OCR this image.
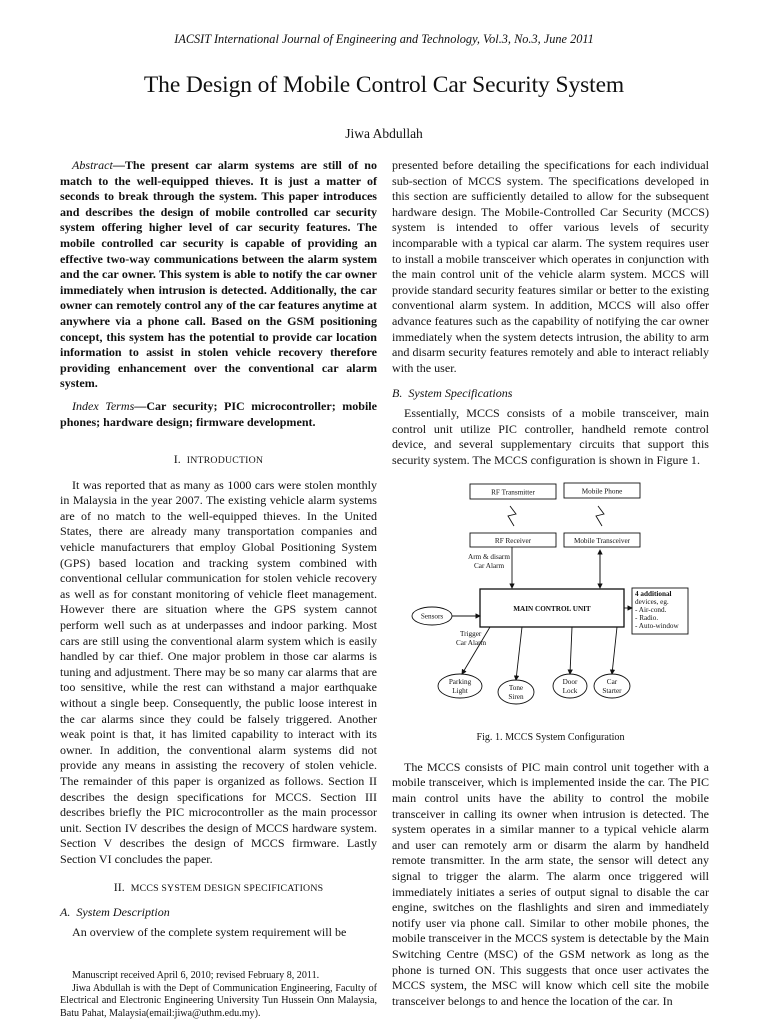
IACSIT International Journal of Engineering and Technology, Vol.3, No.3, June 2011
The Design of Mobile Control Car Security System
Jiwa Abdullah

Abstract—The present car alarm systems are still of no match to the well-equipped thieves. It is just a matter of seconds to break through the system. This paper introduces and describes the design of mobile controlled car security system offering higher level of car security features. The mobile controlled car security is capable of providing an effective two-way communications between the alarm system and the car owner. This system is able to notify the car owner immediately when intrusion is detected. Additionally, the car owner can remotely control any of the car features anytime at anywhere via a phone call. Based on the GSM positioning concept, this system has the potential to provide car location information to assist in stolen vehicle recovery therefore providing enhancement over the conventional car alarm system.

Index Terms—Car security; PIC microcontroller; mobile phones; hardware design; firmware development.

I. INTRODUCTION

It was reported that as many as 1000 cars were stolen monthly in Malaysia in the year 2007. The existing vehicle alarm systems are of no match to the well-equipped thieves. In the United States, there are already many transportation companies and vehicle manufacturers that employ Global Positioning System (GPS) based location and tracking system combined with conventional cellular communication for stolen vehicle recovery as well as for constant monitoring of vehicle fleet management. However there are situation where the GPS system cannot perform well such as at underpasses and indoor parking. Most cars are still using the conventional alarm system which is easily handled by car thief. One major problem in those car alarms is tuning and adjustment. There may be so many car alarms that are too sensitive, while the rest can withstand a major earthquake without a single beep. Consequently, the public loose interest in the car alarms since they could be falsely triggered. Another weak point is that, it has limited capability to interact with its owner. In addition, the conventional alarm systems did not provide any means in assisting the recovery of stolen vehicle. The remainder of this paper is organized as follows. Section II describes the design specifications for MCCS. Section III describes briefly the PIC microcontroller as the main processor unit. Section IV describes the design of MCCS hardware system. Section V describes the design of MCCS firmware. Lastly Section VI concludes the paper.

II. MCCS SYSTEM DESIGN SPECIFICATIONS
A. System Description

An overview of the complete system requirement will be

Manuscript received April 6, 2010; revised February 8, 2011.

Jiwa Abdullah is with the Dept of Communication Engineering, Faculty of Electrical and Electronic Engineering University Tun Hussein Onn Malaysia, Batu Pahat, Malaysia(email:jiwa@uthm.edu.my).

presented before detailing the specifications for each individual sub-section of MCCS system. The specifications developed in this section are sufficiently detailed to allow for the subsequent hardware design. The Mobile-Controlled Car Security (MCCS) system is intended to offer various levels of security incomparable with a typical car alarm. The system requires user to install a mobile transceiver which operates in conjunction with the main control unit of the vehicle alarm system. MCCS will provide standard security features similar or better to the existing conventional alarm system. In addition, MCCS will also offer advance features such as the capability of notifying the car owner immediately when the system detects intrusion, the ability to arm and disarm security features remotely and able to interact reliably with the user.

B. System Specifications

Essentially, MCCS consists of a mobile transceiver, main control unit utilize PIC controller, handheld remote control device, and several supplementary circuits that support this security system. The MCCS configuration is shown in Figure 1.

RF Transmitter	Mobile Phone
RF Receiver	Mobile Transceiver
Arm & disarm
Car Alarm
MAIN CONTROL UNIT
Sensors
Trigger
Car Alarm
4 additional
devices, eg.
- Air-cond.
- Radio.
- Auto-window
Parking
Light	Tone
Siren
Door
Lock
Car
Starter
Fig. 1. MCCS System Configuration

The MCCS consists of PIC main control unit together with a mobile transceiver, which is implemented inside the car. The PIC main control units have the ability to control the mobile transceiver in calling its owner when intrusion is detected. The system operates in a similar manner to a typical vehicle alarm and user can remotely arm or disarm the alarm by handheld remote transmitter. In the arm state, the sensor will detect any signal to trigger the alarm. The alarm once triggered will immediately initiates a series of output signal to disable the car engine, switches on the flashlights and siren and immediately notify user via phone call. Similar to other mobile phones, the mobile transceiver in the MCCS system is detectable by the Main Switching Centre (MSC) of the GSM network as long as the phone is turned ON. This suggests that once user activates the MCCS system, the MSC will know which cell site the mobile transceiver belongs to and hence the location of the car. In
